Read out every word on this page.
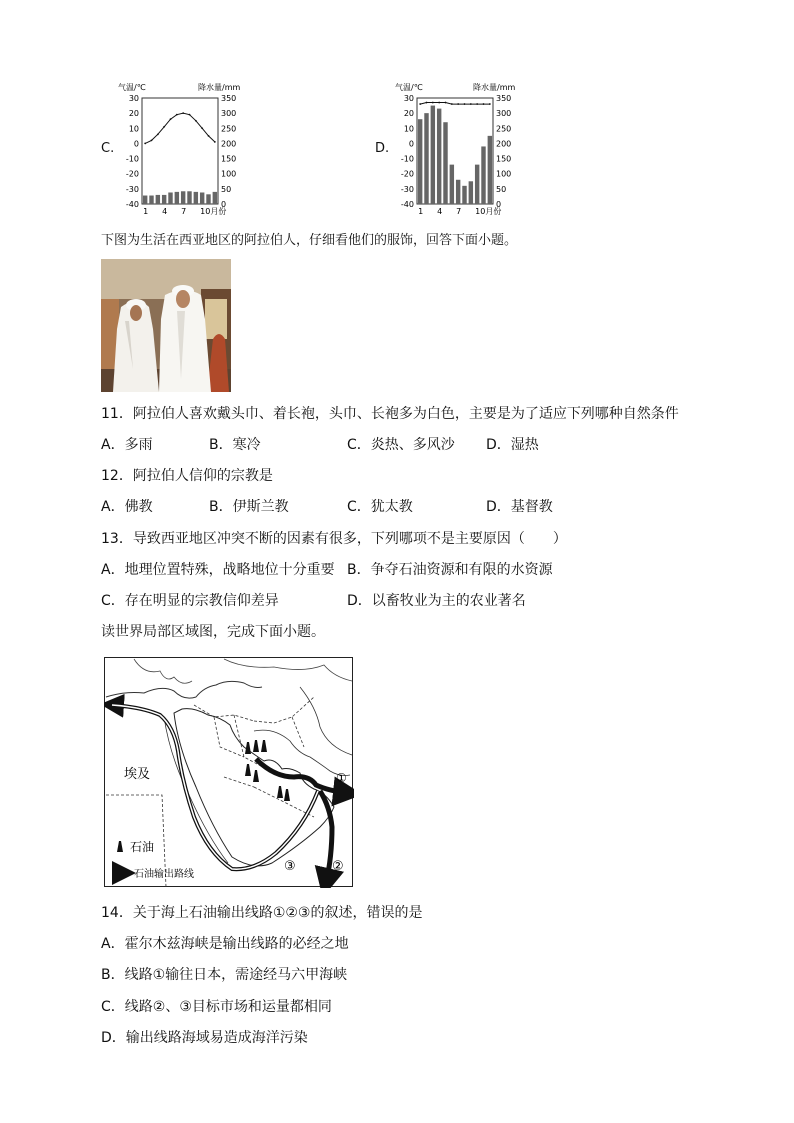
C.
气温/℃	降水量/mm
30
20
10
0
-10
-20
-30
-40
350
300
250
200
150
100
50
0
1 4 7 10月份
D.
气温/℃	降水量/mm
30
20
10
0
-10
-20
-30
-40
350
300
250
200
150
100
50
0
1 4 7 10月份
下图为生活在西亚地区的阿拉伯人，仔细看他们的服饰，回答下面小题。
11．阿拉伯人喜欢戴头巾、着长袍，头巾、长袍多为白色，主要是为了适应下列哪种自然条件
A．多雨	B．寒冷	C．炎热、多风沙 D．湿热
12．阿拉伯人信仰的宗教是
A．佛教	B．伊斯兰教	C．犹太教	D．基督教
13．导致西亚地区冲突不断的因素有很多，下列哪项不是主要原因（　　）
A．地理位置特殊，战略地位十分重要 B．争夺石油资源和有限的水资源
C．存在明显的宗教信仰差异	D．以畜牧业为主的农业著名
读世界局部区域图，完成下面小题。
埃及	①
②
③
石油
石油输出路线
14．关于海上石油输出线路①②③的叙述，错误的是
A．霍尔木兹海峡是输出线路的必经之地
B．线路①输往日本，需途经马六甲海峡
C．线路②、③目标市场和运量都相同
D．输出线路海域易造成海洋污染
